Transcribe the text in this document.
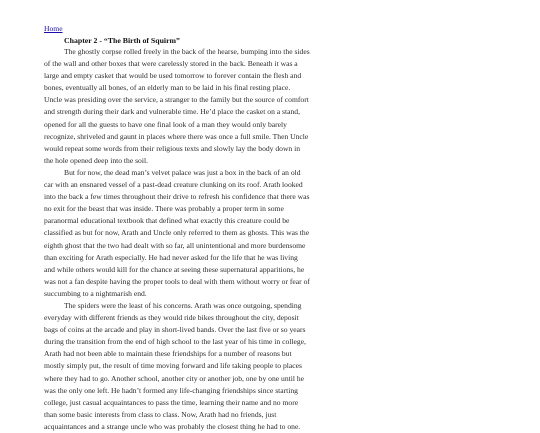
Home
Chapter 2 - “The Birth of Squirm”

The ghostly corpse rolled freely in the back of the hearse, bumping into the sides of the wall and other boxes that were carelessly stored in the back. Beneath it was a large and empty casket that would be used tomorrow to forever contain the flesh and bones, eventually all bones, of an elderly man to be laid in his final resting place. Uncle was presiding over the service, a stranger to the family but the source of comfort and strength during their dark and vulnerable time. He’d place the casket on a stand, opened for all the guests to have one final look of a man they would only barely recognize, shriveled and gaunt in places where there was once a full smile. Then Uncle would repeat some words from their religious texts and slowly lay the body down in the hole opened deep into the soil.

But for now, the dead man’s velvet palace was just a box in the back of an old car with an ensnared vessel of a past-dead creature clunking on its roof. Arath looked into the back a few times throughout their drive to refresh his confidence that there was no exit for the beast that was inside. There was probably a proper term in some paranormal educational textbook that defined what exactly this creature could be classified as but for now, Arath and Uncle only referred to them as ghosts. This was the eighth ghost that the two had dealt with so far, all unintentional and more burdensome than exciting for Arath especially. He had never asked for the life that he was living and while others would kill for the chance at seeing these supernatural apparitions, he was not a fan despite having the proper tools to deal with them without worry or fear of succumbing to a nightmarish end.

The spiders were the least of his concerns. Arath was once outgoing, spending everyday with different friends as they would ride bikes throughout the city, deposit bags of coins at the arcade and play in short-lived bands. Over the last five or so years during the transition from the end of high school to the last year of his time in college, Arath had not been able to maintain these friendships for a number of reasons but mostly simply put, the result of time moving forward and life taking people to places where they had to go. Another school, another city or another job, one by one until he was the only one left. He hadn’t formed any life-changing friendships since starting college, just casual acquaintances to pass the time, learning their name and no more than some basic interests from class to class. Now, Arath had no friends, just acquaintances and a strange uncle who was probably the closest thing he had to one.
